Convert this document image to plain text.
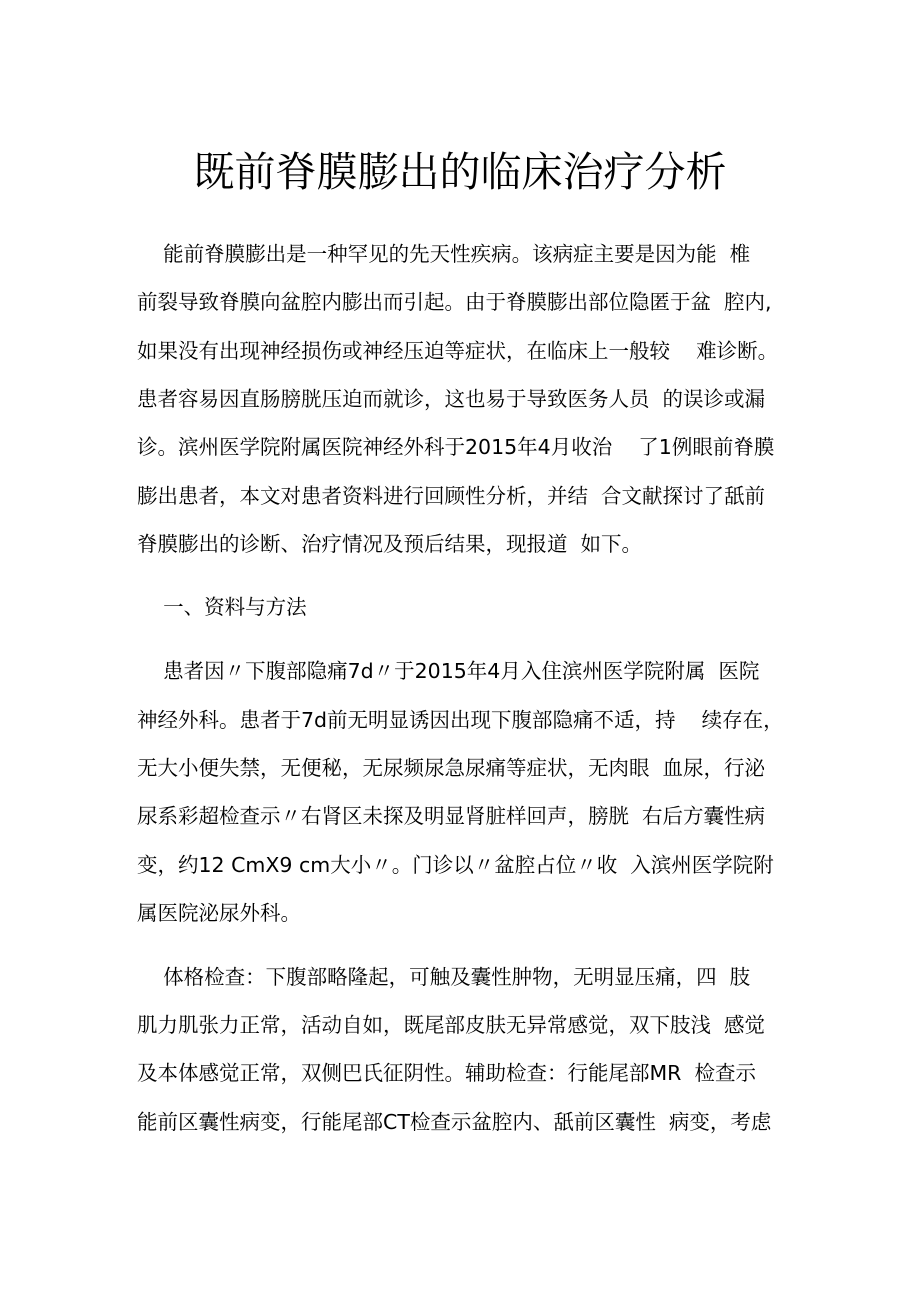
既前脊膜膨出的临床治疗分析

能前脊膜膨出是一种罕见的先天性疾病。该病症主要是因为能  椎

前裂导致脊膜向盆腔内膨出而引起。由于脊膜膨出部位隐匿于盆  腔内,

如果没有出现神经损伤或神经压迫等症状，在临床上一般较    难诊断。

患者容易因直肠膀胱压迫而就诊，这也易于导致医务人员  的误诊或漏

诊。滨州医学院附属医院神经外科于2015年4月收治    了1例眼前脊膜

膨出患者，本文对患者资料进行回顾性分析，并结  合文献探讨了舐前

脊膜膨出的诊断、治疗情况及预后结果，现报道  如下。

一、资料与方法

患者因〃下腹部隐痛7d〃于2015年4月入住滨州医学院附属  医院

神经外科。患者于7d前无明显诱因出现下腹部隐痛不适，持    续存在，

无大小便失禁，无便秘，无尿频尿急尿痛等症状，无肉眼  血尿，行泌

尿系彩超检查示〃右肾区未探及明显肾脏样回声，膀胱  右后方囊性病

变，约12 CmX9 cm大小〃。门诊以〃盆腔占位〃收  入滨州医学院附

属医院泌尿外科。

体格检查：下腹部略隆起，可触及囊性肿物，无明显压痛，四  肢

肌力肌张力正常，活动自如，既尾部皮肤无异常感觉，双下肢浅  感觉

及本体感觉正常，双侧巴氏征阴性。辅助检查：行能尾部MR  检查示

能前区囊性病变，行能尾部CT检查示盆腔内、舐前区囊性  病变，考虑
